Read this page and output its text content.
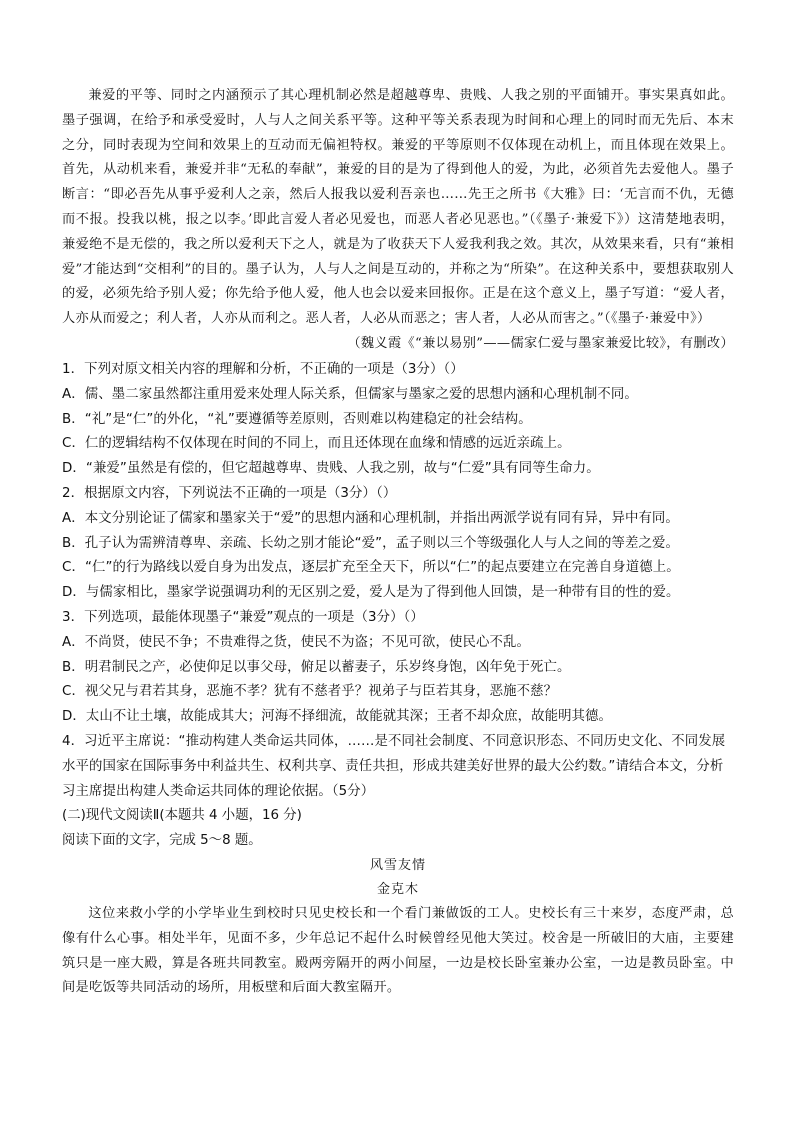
兼爱的平等、同时之内涵预示了其心理机制必然是超越尊卑、贵贱、人我之别的平面铺开。事实果真如此。墨子强调，在给予和承受爱时，人与人之间关系平等。这种平等关系表现为时间和心理上的同时而无先后、本末之分，同时表现为空间和效果上的互动而无偏袒特权。兼爱的平等原则不仅体现在动机上，而且体现在效果上。首先，从动机来看，兼爱并非“无私的奉献”，兼爱的目的是为了得到他人的爱，为此，必须首先去爱他人。墨子断言：“即必吾先从事乎爱利人之亲，然后人报我以爱利吾亲也……先王之所书《大雅》曰：‘无言而不仇，无德而不报。投我以桃，报之以李。’即此言爱人者必见爱也，而恶人者必见恶也。”（《墨子·兼爱下》）这清楚地表明，兼爱绝不是无偿的，我之所以爱利天下之人，就是为了收获天下人爱我利我之效。其次，从效果来看，只有“兼相爱”才能达到“交相利”的目的。墨子认为，人与人之间是互动的，并称之为“所染”。在这种关系中，要想获取别人的爱，必须先给予别人爱；你先给予他人爱，他人也会以爱来回报你。正是在这个意义上，墨子写道：“爱人者，人亦从而爱之；利人者，人亦从而利之。恶人者，人必从而恶之；害人者，人必从而害之。”（《墨子·兼爱中》）

（魏义霞《“兼以易别”——儒家仁爱与墨家兼爱比较》，有删改）

1．下列对原文相关内容的理解和分析，不正确的一项是（3分）（）

A．儒、墨二家虽然都注重用爱来处理人际关系，但儒家与墨家之爱的思想内涵和心理机制不同。

B．“礼”是“仁”的外化，“礼”要遵循等差原则，否则难以构建稳定的社会结构。

C．仁的逻辑结构不仅体现在时间的不同上，而且还体现在血缘和情感的远近亲疏上。

D．“兼爱”虽然是有偿的，但它超越尊卑、贵贱、人我之别，故与“仁爱”具有同等生命力。

2．根据原文内容，下列说法不正确的一项是（3分）（）

A．本文分别论证了儒家和墨家关于“爱”的思想内涵和心理机制，并指出两派学说有同有异，异中有同。

B．孔子认为需辨清尊卑、亲疏、长幼之别才能论“爱”，孟子则以三个等级强化人与人之间的等差之爱。

C．“仁”的行为路线以爱自身为出发点，逐层扩充至全天下，所以“仁”的起点要建立在完善自身道德上。

D．与儒家相比，墨家学说强调功利的无区别之爱，爱人是为了得到他人回馈，是一种带有目的性的爱。

3．下列选项，最能体现墨子“兼爱”观点的一项是（3分）（）

A．不尚贤，使民不争；不贵难得之货，使民不为盗；不见可欲，使民心不乱。

B．明君制民之产，必使仰足以事父母，俯足以蓄妻子，乐岁终身饱，凶年免于死亡。

C．视父兄与君若其身，恶施不孝？犹有不慈者乎？视弟子与臣若其身，恶施不慈？

D．太山不让土壤，故能成其大；河海不择细流，故能就其深；王者不却众庶，故能明其德。

4．习近平主席说：“推动构建人类命运共同体，……是不同社会制度、不同意识形态、不同历史文化、不同发展水平的国家在国际事务中利益共生、权利共享、责任共担，形成共建美好世界的最大公约数。”请结合本文，分析习主席提出构建人类命运共同体的理论依据。（5分）

(二)现代文阅读Ⅱ(本题共 4 小题，16 分)

阅读下面的文字，完成 5～8 题。

风雪友情

金克木

这位来救小学的小学毕业生到校时只见史校长和一个看门兼做饭的工人。史校长有三十来岁，态度严肃，总像有什么心事。相处半年，见面不多，少年总记不起什么时候曾经见他大笑过。校舍是一所破旧的大庙，主要建筑只是一座大殿，算是各班共同教室。殿两旁隔开的两小间屋，一边是校长卧室兼办公室，一边是教员卧室。中间是吃饭等共同活动的场所，用板壁和后面大教室隔开。
